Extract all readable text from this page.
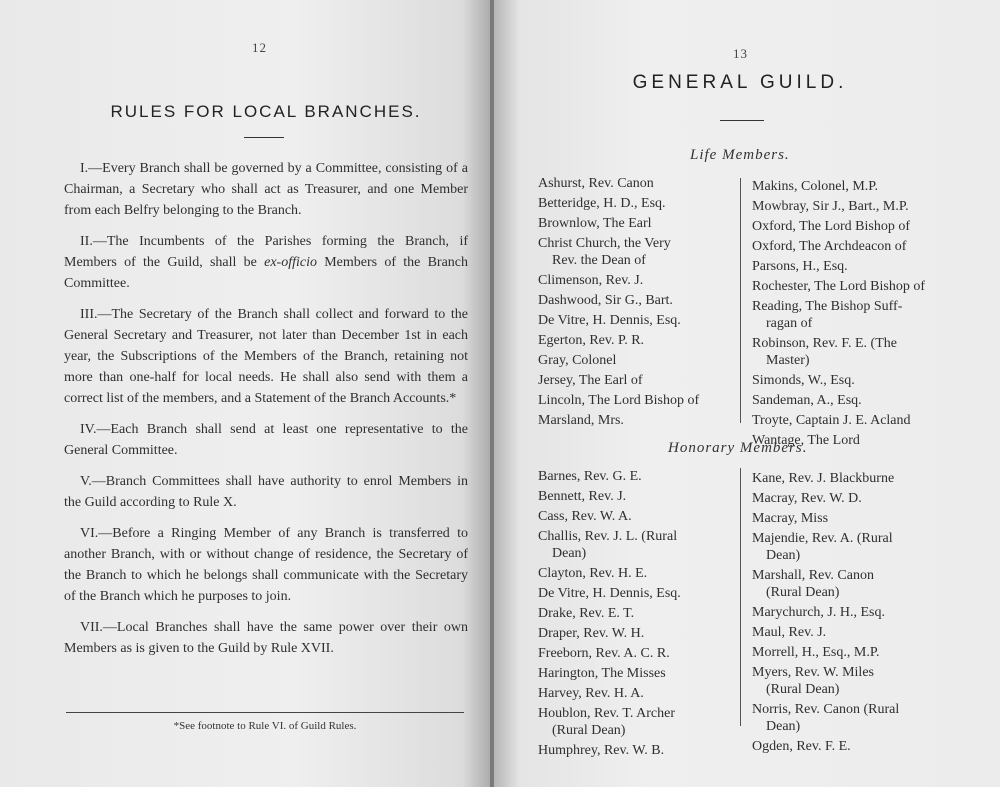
12
RULES FOR LOCAL BRANCHES.

I.—Every Branch shall be governed by a Committee, consisting of a Chairman, a Secretary who shall act as Treasurer, and one Member from each Belfry belonging to the Branch.

II.—The Incumbents of the Parishes forming the Branch, if Members of the Guild, shall be ex-officio Members of the Branch Committee.

III.—The Secretary of the Branch shall collect and forward to the General Secretary and Treasurer, not later than December 1st in each year, the Subscriptions of the Members of the Branch, retaining not more than one-half for local needs. He shall also send with them a correct list of the members, and a Statement of the Branch Accounts.*

IV.—Each Branch shall send at least one representative to the General Committee.

V.—Branch Committees shall have authority to enrol Members in the Guild according to Rule X.

VI.—Before a Ringing Member of any Branch is transferred to another Branch, with or without change of residence, the Secretary of the Branch to which he belongs shall communicate with the Secretary of the Branch which he purposes to join.

VII.—Local Branches shall have the same power over their own Members as is given to the Guild by Rule XVII.

*See footnote to Rule VI. of Guild Rules.
13
GENERAL GUILD.
Life Members.
Ashurst, Rev. Canon
Betteridge, H. D., Esq.
Brownlow, The Earl
Christ Church, the Very
Rev. the Dean of
Climenson, Rev. J.
Dashwood, Sir G., Bart.
De Vitre, H. Dennis, Esq.
Egerton, Rev. P. R.
Gray, Colonel
Jersey, The Earl of
Lincoln, The Lord Bishop of
Marsland, Mrs.
Makins, Colonel, M.P.
Mowbray, Sir J., Bart., M.P.
Oxford, The Lord Bishop of
Oxford, The Archdeacon of
Parsons, H., Esq.
Rochester, The Lord Bishop of
Reading, The Bishop Suff-
ragan of
Robinson, Rev. F. E. (The
Master)
Simonds, W., Esq.
Sandeman, A., Esq.
Troyte, Captain J. E. Acland
Wantage, The Lord
Honorary Members.
Barnes, Rev. G. E.
Bennett, Rev. J.
Cass, Rev. W. A.
Challis, Rev. J. L. (Rural
Dean)
Clayton, Rev. H. E.
De Vitre, H. Dennis, Esq.
Drake, Rev. E. T.
Draper, Rev. W. H.
Freeborn, Rev. A. C. R.
Harington, The Misses
Harvey, Rev. H. A.
Houblon, Rev. T. Archer
(Rural Dean)
Humphrey, Rev. W. B.
Kane, Rev. J. Blackburne
Macray, Rev. W. D.
Macray, Miss
Majendie, Rev. A. (Rural
Dean)
Marshall, Rev. Canon
(Rural Dean)
Marychurch, J. H., Esq.
Maul, Rev. J.
Morrell, H., Esq., M.P.
Myers, Rev. W. Miles
(Rural Dean)
Norris, Rev. Canon (Rural
Dean)
Ogden, Rev. F. E.
